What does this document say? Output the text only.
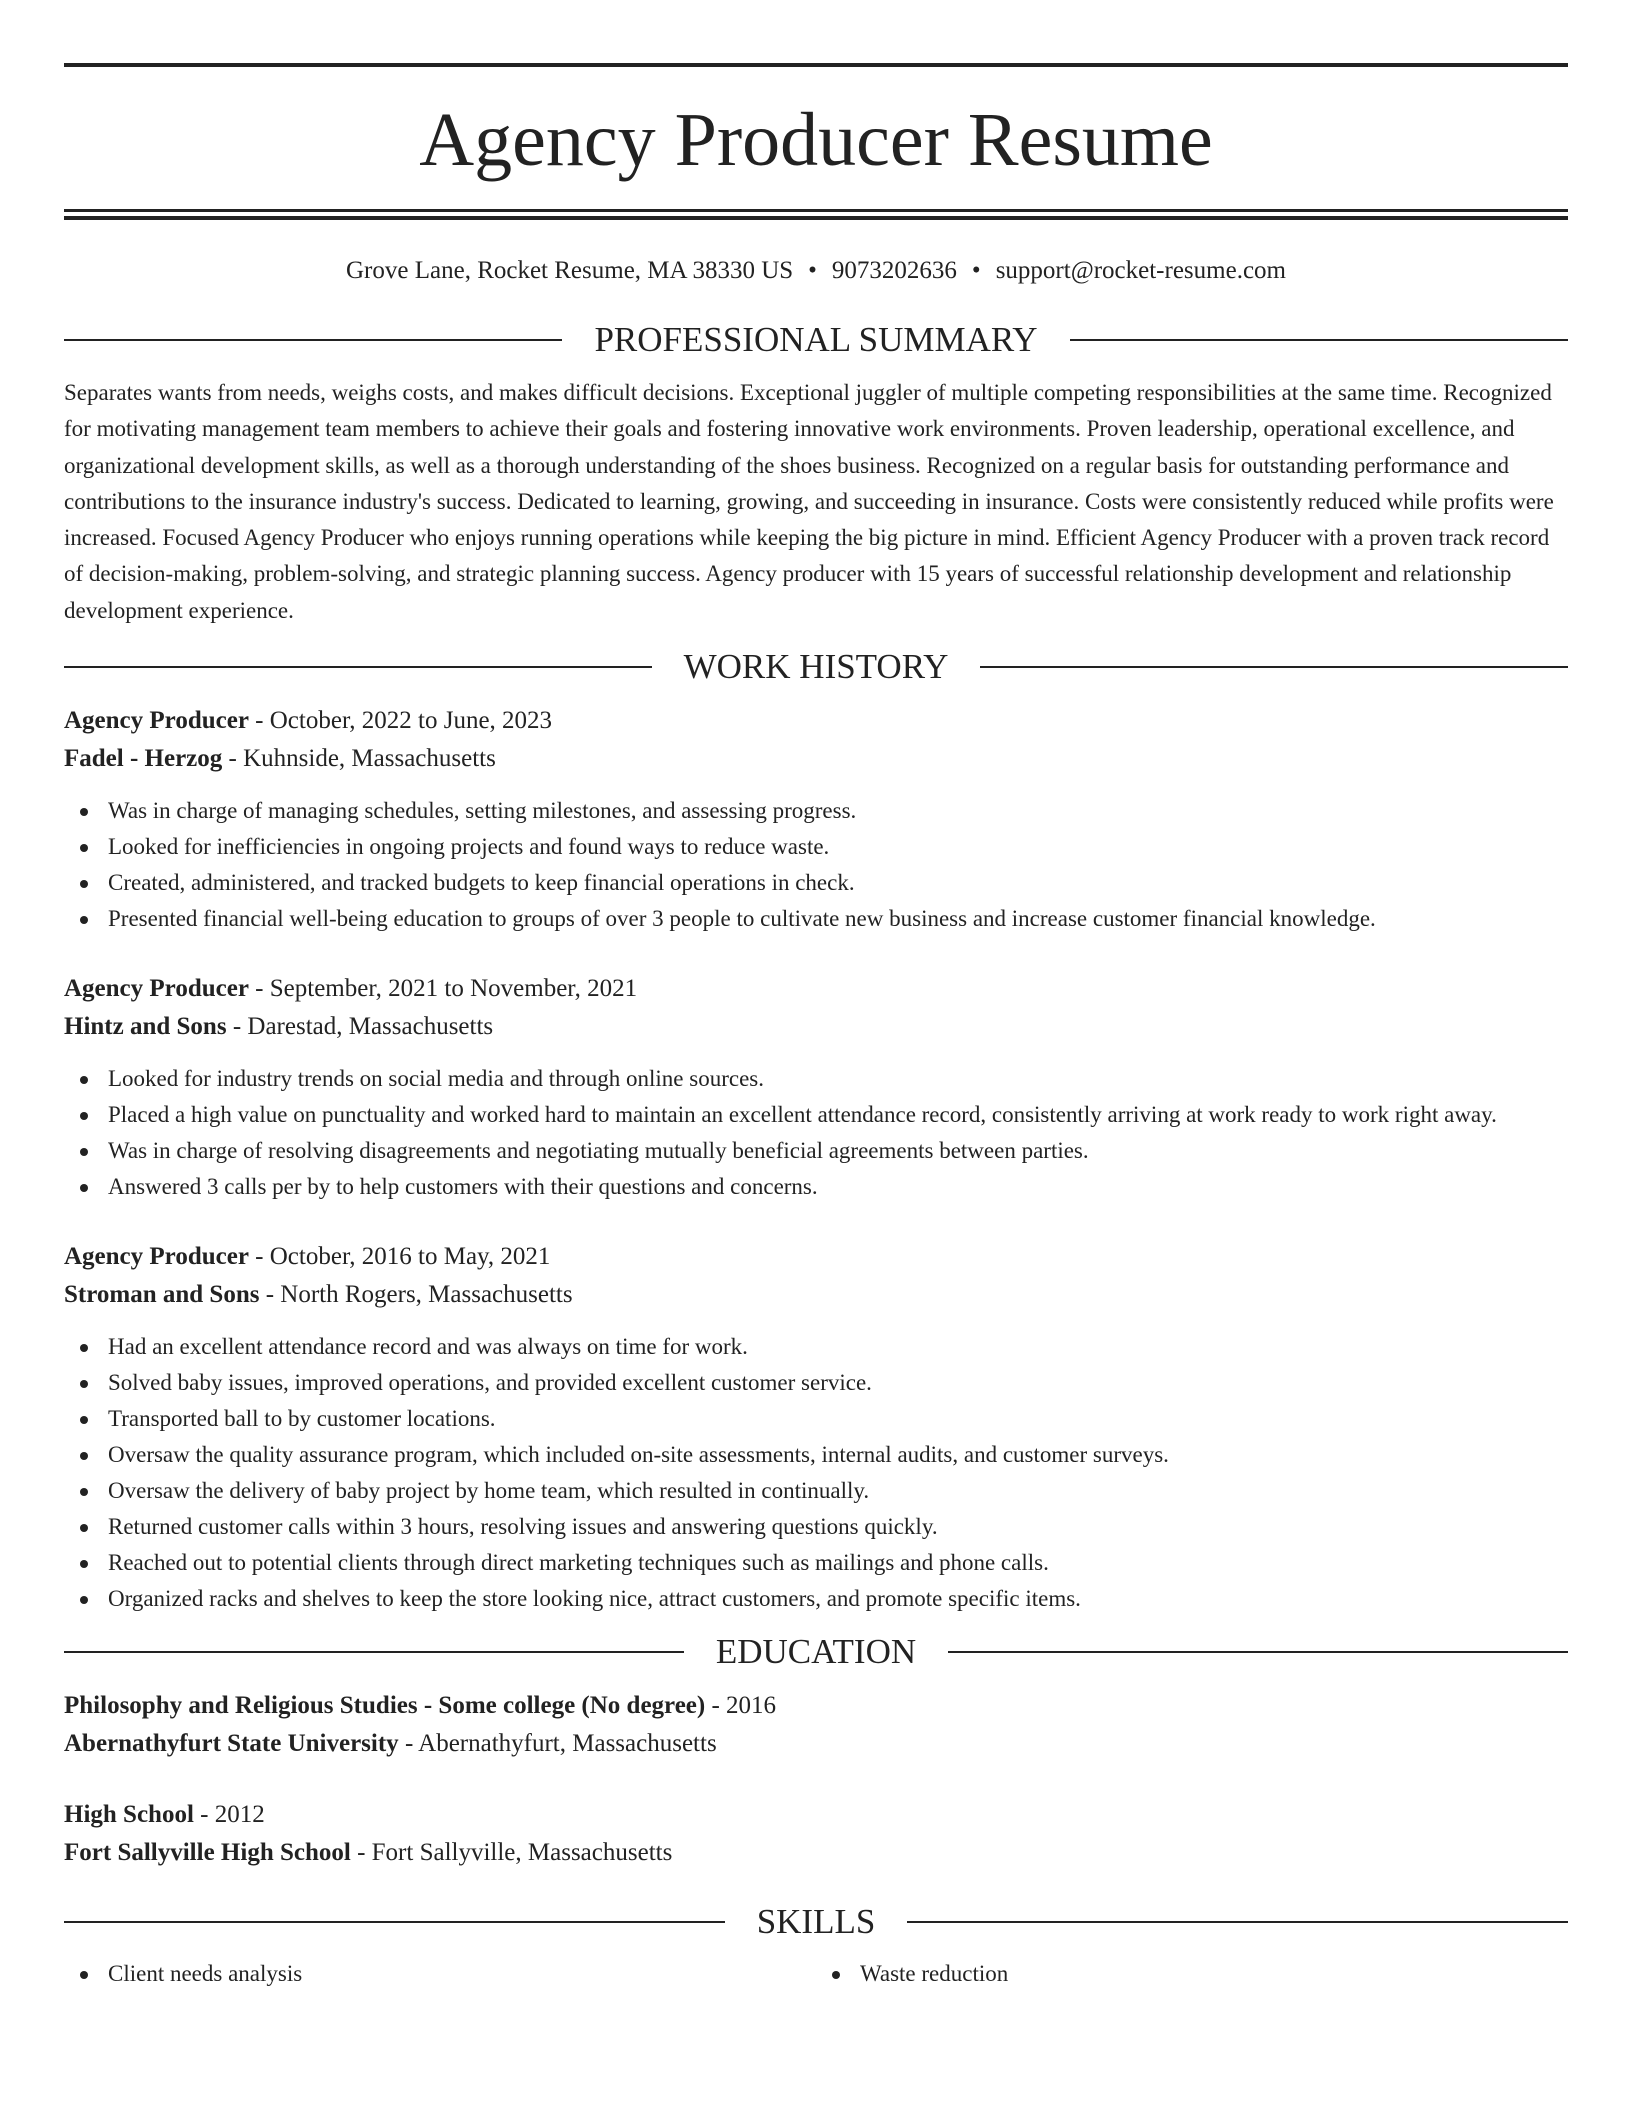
Agency Producer Resume
Grove Lane, Rocket Resume, MA 38330 US • 9073202636 • support@rocket-resume.com
PROFESSIONAL SUMMARY

Separates wants from needs, weighs costs, and makes difficult decisions. Exceptional juggler of multiple competing responsibilities at the same time. Recognized for motivating management team members to achieve their goals and fostering innovative work environments. Proven leadership, operational excellence, and organizational development skills, as well as a thorough understanding of the shoes business. Recognized on a regular basis for outstanding performance and contributions to the insurance industry's success. Dedicated to learning, growing, and succeeding in insurance. Costs were consistently reduced while profits were increased. Focused Agency Producer who enjoys running operations while keeping the big picture in mind. Efficient Agency Producer with a proven track record of decision-making, problem-solving, and strategic planning success. Agency producer with 15 years of successful relationship development and relationship development experience.

WORK HISTORY
Agency Producer - October, 2022 to June, 2023
Fadel - Herzog - Kuhnside, Massachusetts
Was in charge of managing schedules, setting milestones, and assessing progress.
Looked for inefficiencies in ongoing projects and found ways to reduce waste.
Created, administered, and tracked budgets to keep financial operations in check.
Presented financial well-being education to groups of over 3 people to cultivate new business and increase customer financial knowledge.
Agency Producer - September, 2021 to November, 2021
Hintz and Sons - Darestad, Massachusetts
Looked for industry trends on social media and through online sources.
Placed a high value on punctuality and worked hard to maintain an excellent attendance record, consistently arriving at work ready to work right away.
Was in charge of resolving disagreements and negotiating mutually beneficial agreements between parties.
Answered 3 calls per by to help customers with their questions and concerns.
Agency Producer - October, 2016 to May, 2021
Stroman and Sons - North Rogers, Massachusetts
Had an excellent attendance record and was always on time for work.
Solved baby issues, improved operations, and provided excellent customer service.
Transported ball to by customer locations.
Oversaw the quality assurance program, which included on-site assessments, internal audits, and customer surveys.
Oversaw the delivery of baby project by home team, which resulted in continually.
Returned customer calls within 3 hours, resolving issues and answering questions quickly.
Reached out to potential clients through direct marketing techniques such as mailings and phone calls.
Organized racks and shelves to keep the store looking nice, attract customers, and promote specific items.
EDUCATION
Philosophy and Religious Studies - Some college (No degree) - 2016
Abernathyfurt State University - Abernathyfurt, Massachusetts
High School - 2012
Fort Sallyville High School - Fort Sallyville, Massachusetts
SKILLS
Client needs analysis	Waste reduction
